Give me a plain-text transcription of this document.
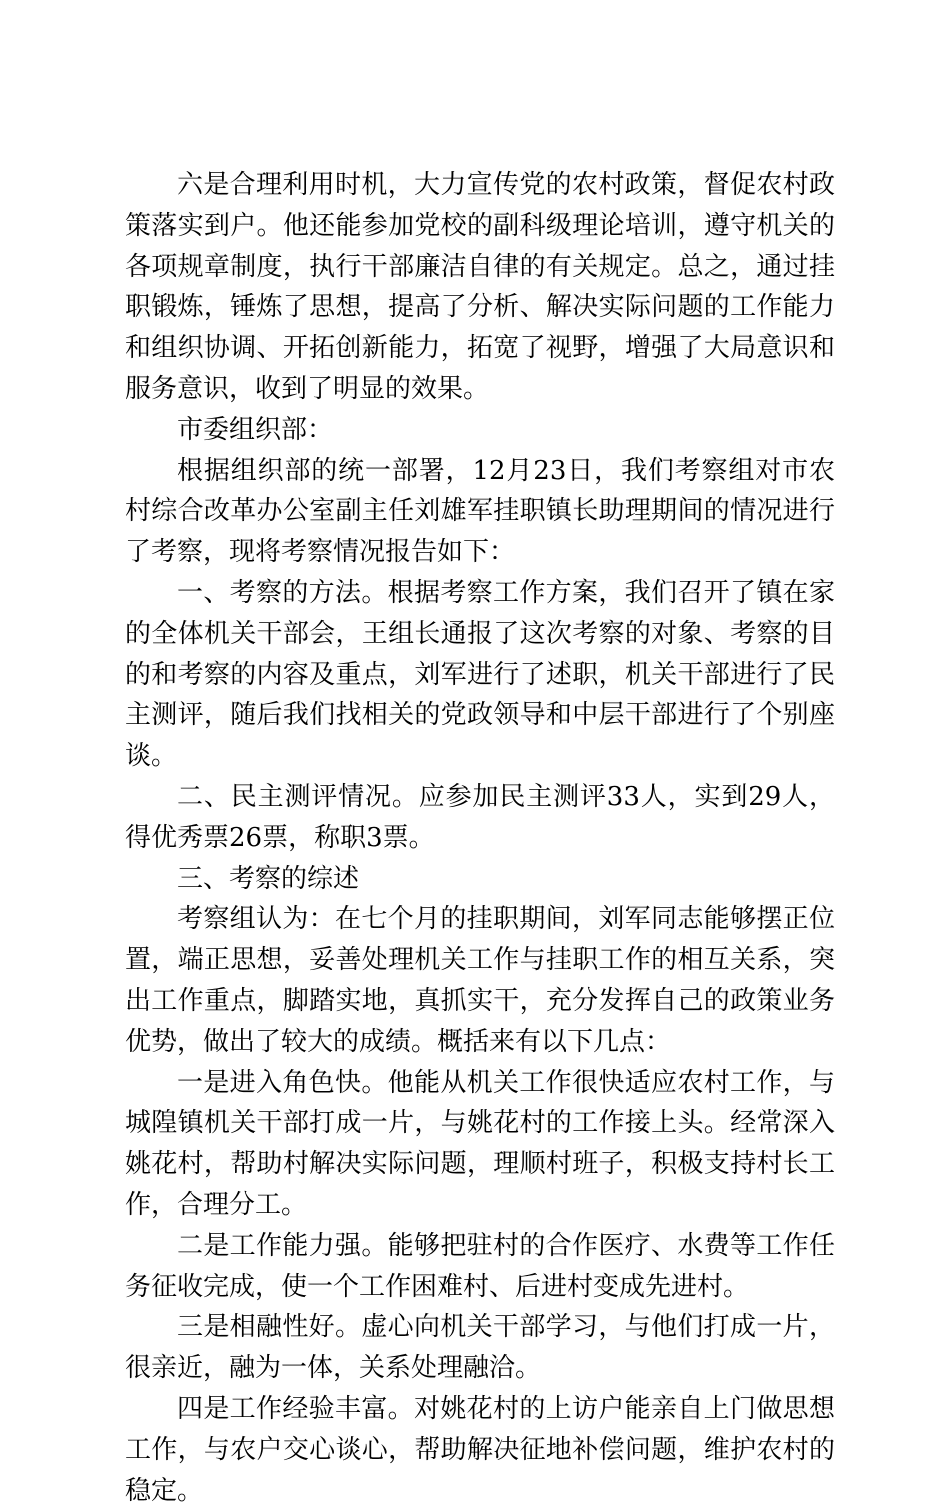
六是合理利用时机，大力宣传党的农村政策，督促农村政策落实到户。他还能参加党校的副科级理论培训，遵守机关的各项规章制度，执行干部廉洁自律的有关规定。总之，通过挂职锻炼，锤炼了思想，提高了分析、解决实际问题的工作能力和组织协调、开拓创新能力，拓宽了视野，增强了大局意识和服务意识，收到了明显的效果。

市委组织部：

根据组织部的统一部署，12月23日，我们考察组对市农村综合改革办公室副主任刘雄军挂职镇长助理期间的情况进行了考察，现将考察情况报告如下：

一、考察的方法。根据考察工作方案，我们召开了镇在家的全体机关干部会，王组长通报了这次考察的对象、考察的目的和考察的内容及重点，刘军进行了述职，机关干部进行了民主测评，随后我们找相关的党政领导和中层干部进行了个别座谈。

二、民主测评情况。应参加民主测评33人，实到29人，得优秀票26票，称职3票。

三、考察的综述

考察组认为：在七个月的挂职期间，刘军同志能够摆正位置，端正思想，妥善处理机关工作与挂职工作的相互关系，突出工作重点，脚踏实地，真抓实干，充分发挥自己的政策业务优势，做出了较大的成绩。概括来有以下几点：

一是进入角色快。他能从机关工作很快适应农村工作，与城隍镇机关干部打成一片，与姚花村的工作接上头。经常深入姚花村，帮助村解决实际问题，理顺村班子，积极支持村长工作，合理分工。

二是工作能力强。能够把驻村的合作医疗、水费等工作任务征收完成，使一个工作困难村、后进村变成先进村。

三是相融性好。虚心向机关干部学习，与他们打成一片，很亲近，融为一体，关系处理融洽。

四是工作经验丰富。对姚花村的上访户能亲自上门做思想工作，与农户交心谈心，帮助解决征地补偿问题，维护农村的稳定。
